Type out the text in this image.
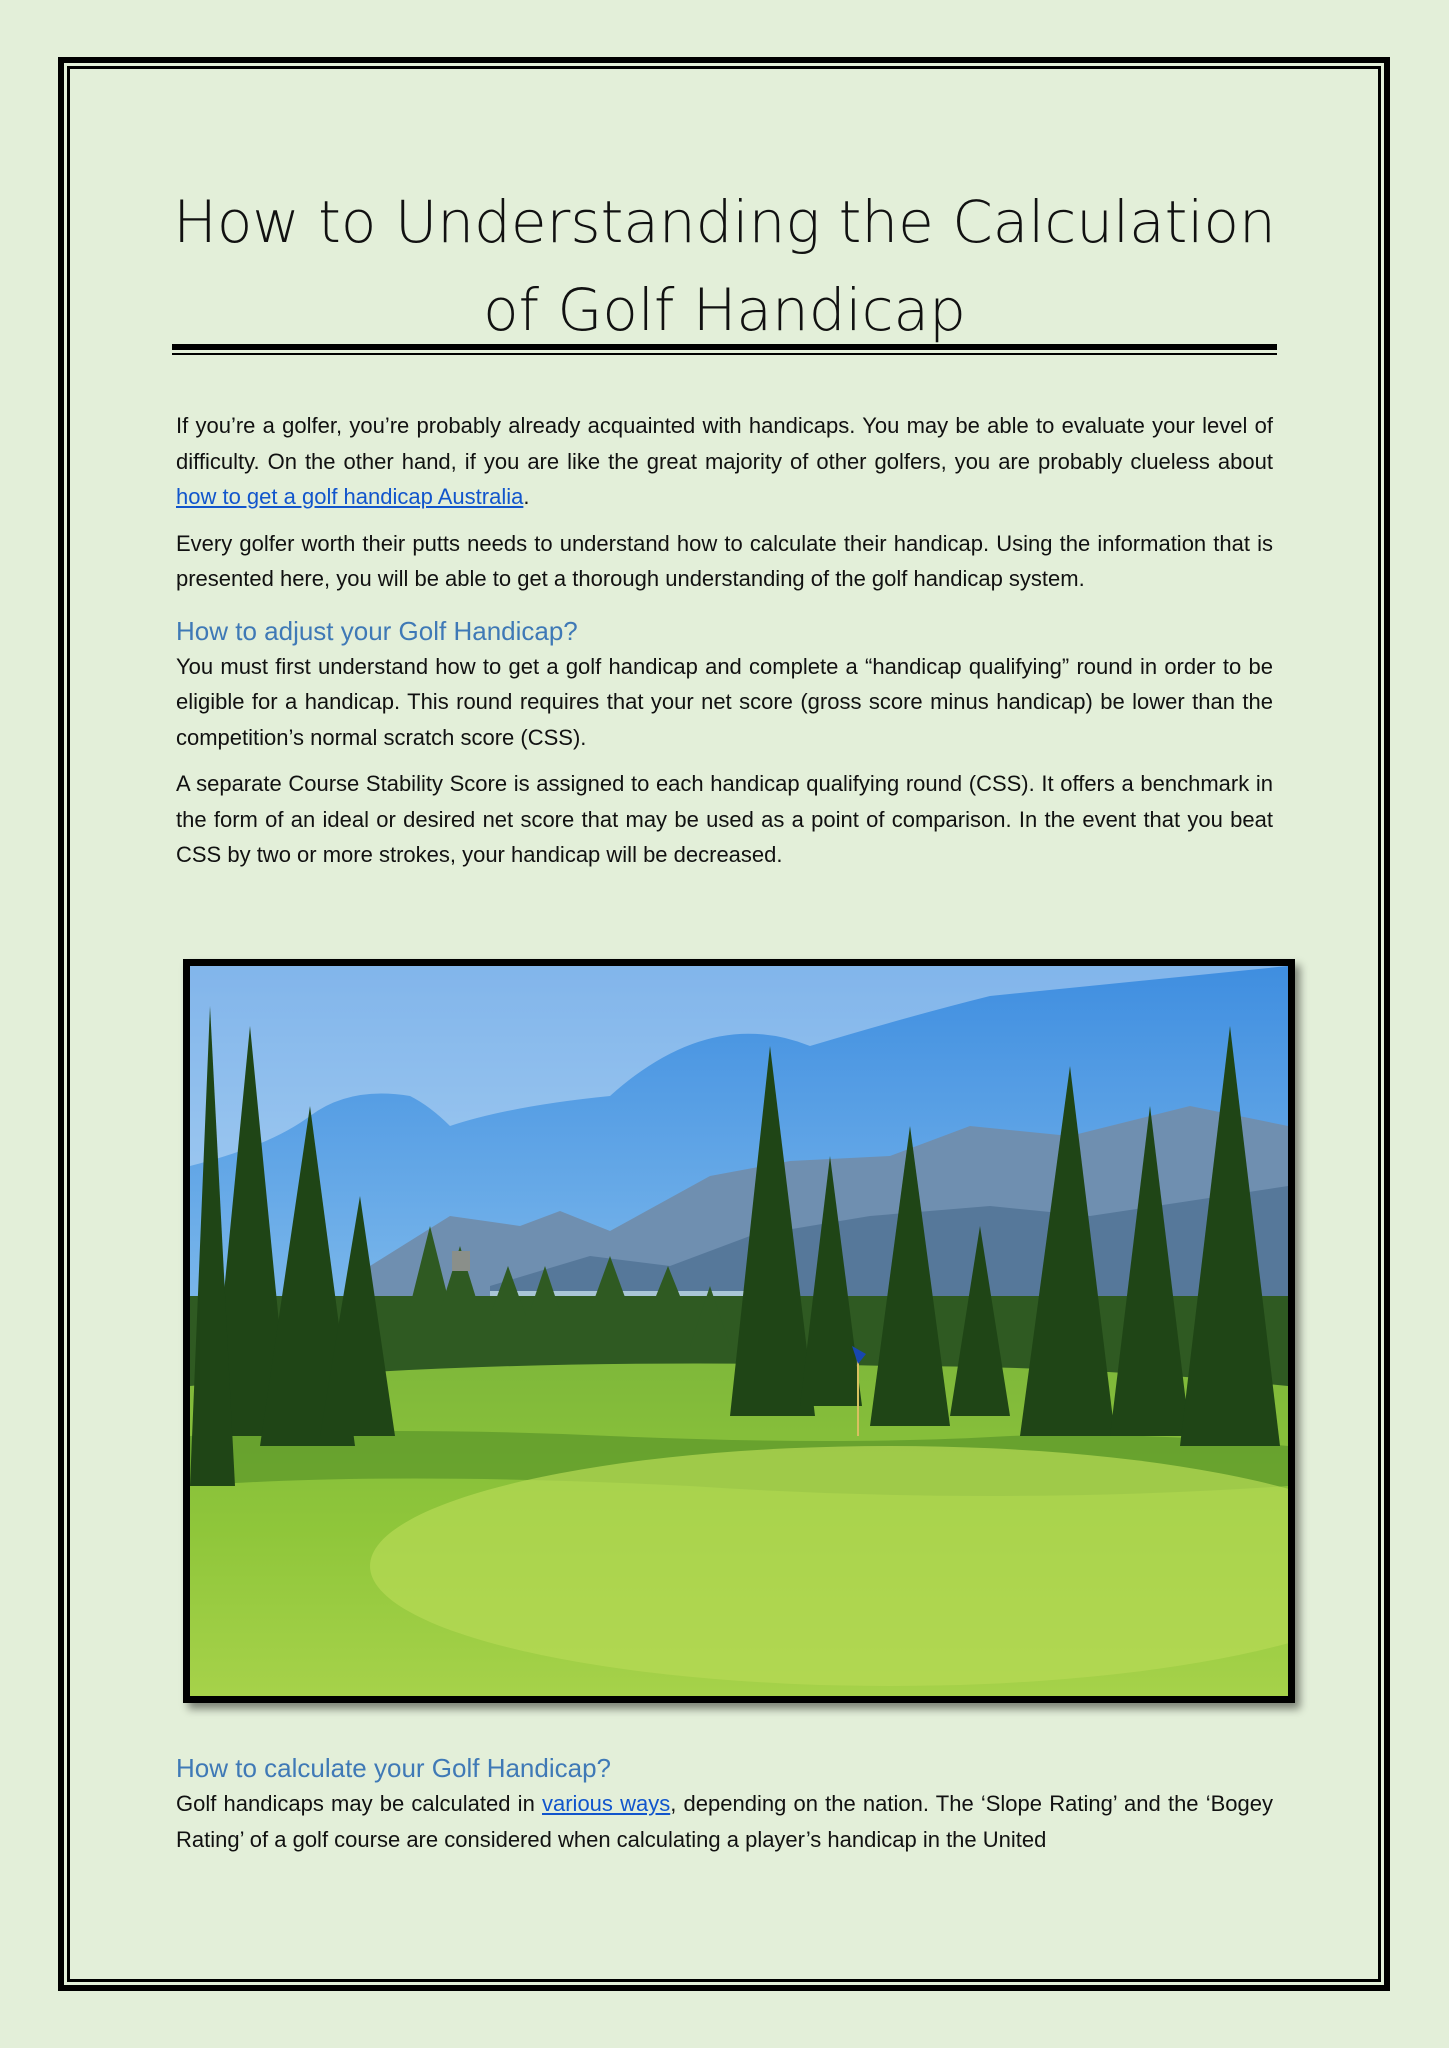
How to Understanding the Calculation of Golf Handicap

If you’re a golfer, you’re probably already acquainted with handicaps. You may be able to evaluate your level of difficulty. On the other hand, if you are like the great majority of other golfers, you are probably clueless about how to get a golf handicap Australia.

Every golfer worth their putts needs to understand how to calculate their handicap. Using the information that is presented here, you will be able to get a thorough understanding of the golf handicap system.

How to adjust your Golf Handicap?

You must first understand how to get a golf handicap and complete a “handicap qualifying” round in order to be eligible for a handicap. This round requires that your net score (gross score minus handicap) be lower than the competition’s normal scratch score (CSS).

A separate Course Stability Score is assigned to each handicap qualifying round (CSS). It offers a benchmark in the form of an ideal or desired net score that may be used as a point of comparison. In the event that you beat CSS by two or more strokes, your handicap will be decreased.

How to calculate your Golf Handicap?

Golf handicaps may be calculated in various ways, depending on the nation. The ‘Slope Rating’ and the ‘Bogey Rating’ of a golf course are considered when calculating a player’s handicap in the United
